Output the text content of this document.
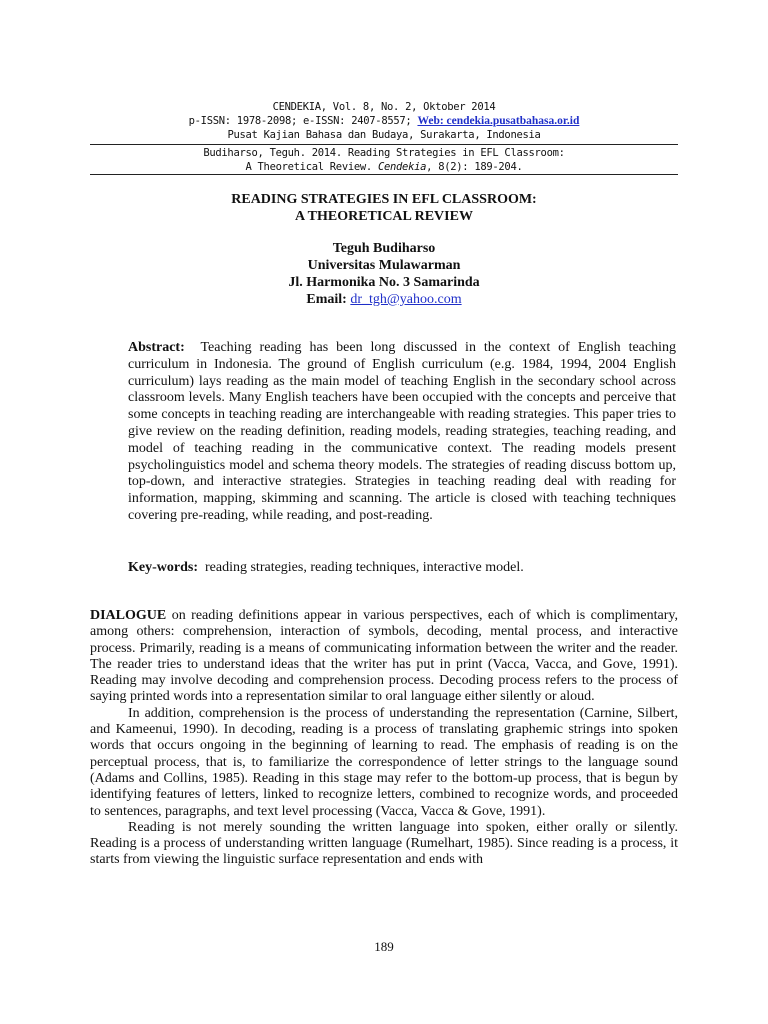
CENDEKIA, Vol. 8, No. 2, Oktober 2014
p-ISSN: 1978-2098; e-ISSN: 2407-8557; Web: cendekia.pusatbahasa.or.id
Pusat Kajian Bahasa dan Budaya, Surakarta, Indonesia
Budiharso, Teguh. 2014. Reading Strategies in EFL Classroom:
A Theoretical Review. Cendekia, 8(2): 189-204.
READING STRATEGIES IN EFL CLASSROOM:
A THEORETICAL REVIEW
Teguh Budiharso
Universitas Mulawarman
Jl. Harmonika No. 3 Samarinda
Email: dr_tgh@yahoo.com
Abstract: Teaching reading has been long discussed in the context of English teaching curriculum in Indonesia. The ground of English curriculum (e.g. 1984, 1994, 2004 English curriculum) lays reading as the main model of teaching English in the secondary school across classroom levels. Many English teachers have been occupied with the concepts and perceive that some concepts in teaching reading are interchangeable with reading strategies. This paper tries to give review on the reading definition, reading models, reading strategies, teaching reading, and model of teaching reading in the communicative context. The reading models present psycholinguistics model and schema theory models. The strategies of reading discuss bottom up, top-down, and interactive strategies. Strategies in teaching reading deal with reading for information, mapping, skimming and scanning. The article is closed with teaching techniques covering pre-reading, while reading, and post-reading.
Key-words: reading strategies, reading techniques, interactive model.

DIALOGUE on reading definitions appear in various perspectives, each of which is complimentary, among others: comprehension, interaction of symbols, decoding, mental process, and interactive process. Primarily, reading is a means of communicating information between the writer and the reader. The reader tries to understand ideas that the writer has put in print (Vacca, Vacca, and Gove, 1991). Reading may involve decoding and comprehension process. Decoding process refers to the process of saying printed words into a representation similar to oral language either silently or aloud.

In addition, comprehension is the process of understanding the representation (Carnine, Silbert, and Kameenui, 1990). In decoding, reading is a process of translating graphemic strings into spoken words that occurs ongoing in the beginning of learning to read. The emphasis of reading is on the perceptual process, that is, to familiarize the correspondence of letter strings to the language sound (Adams and Collins, 1985). Reading in this stage may refer to the bottom-up process, that is begun by identifying features of letters, linked to recognize letters, combined to recognize words, and proceeded to sentences, paragraphs, and text level processing (Vacca, Vacca & Gove, 1991).

Reading is not merely sounding the written language into spoken, either orally or silently. Reading is a process of understanding written language (Rumelhart, 1985). Since reading is a process, it starts from viewing the linguistic surface representation and ends with

189
